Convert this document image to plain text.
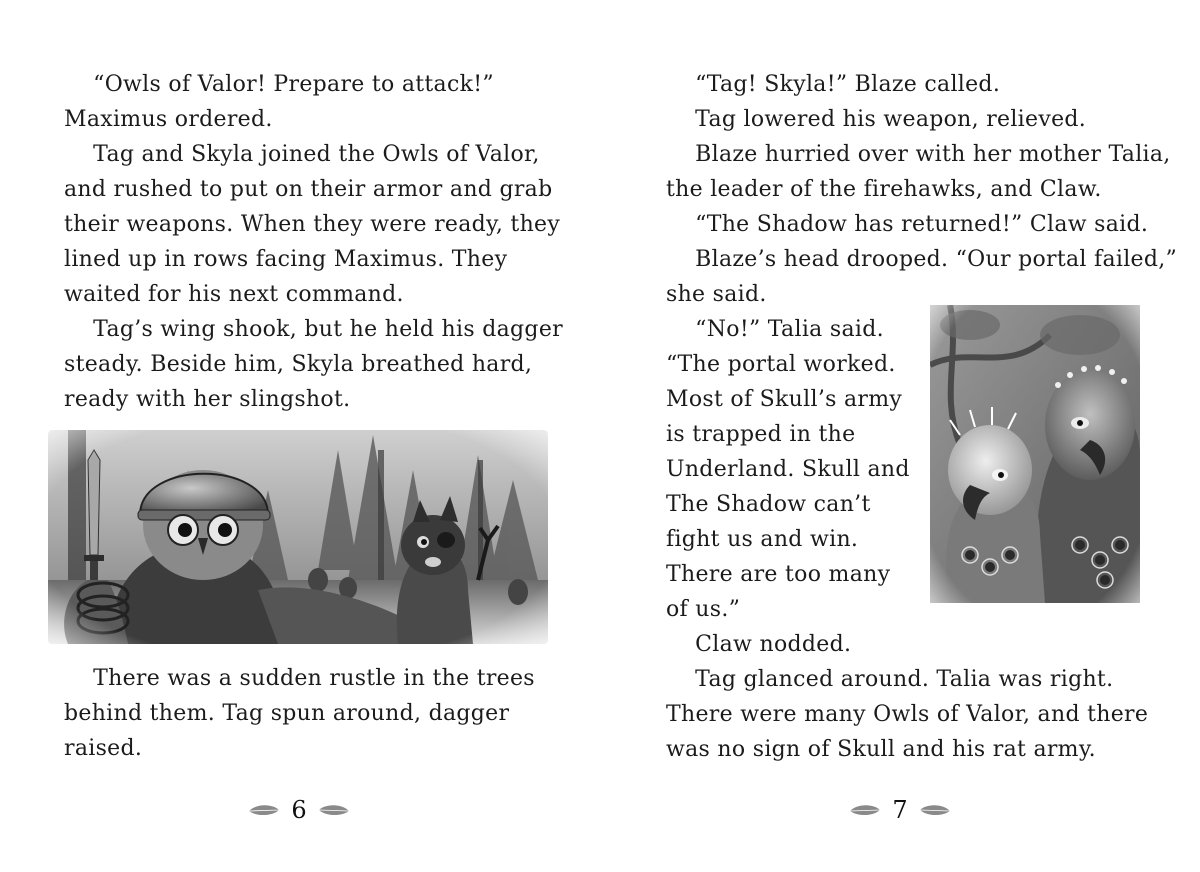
“Owls of Valor! Prepare to attack!”
Maximus ordered.

Tag and Skyla joined the Owls of Valor,
and rushed to put on their armor and grab
their weapons. When they were ready, they
lined up in rows facing Maximus. They
waited for his next command.

Tag’s wing shook, but he held his dagger
steady. Beside him, Skyla breathed hard,
ready with her slingshot.

There was a sudden rustle in the trees
behind them. Tag spun around, dagger
raised.

6

“Tag! Skyla!” Blaze called.
Tag lowered his weapon, relieved.
Blaze hurried over with her mother Talia,
the leader of the firehawks, and Claw.
“The Shadow has returned!” Claw said.
Blaze’s head drooped. “Our portal failed,”
she said.
“No!” Talia said.
“The portal worked.
Most of Skull’s army
is trapped in the
Underland. Skull and
The Shadow can’t
fight us and win.
There are too many
of us.”
Claw nodded.
Tag glanced around. Talia was right.
There were many Owls of Valor, and there
was no sign of Skull and his rat army.

7
